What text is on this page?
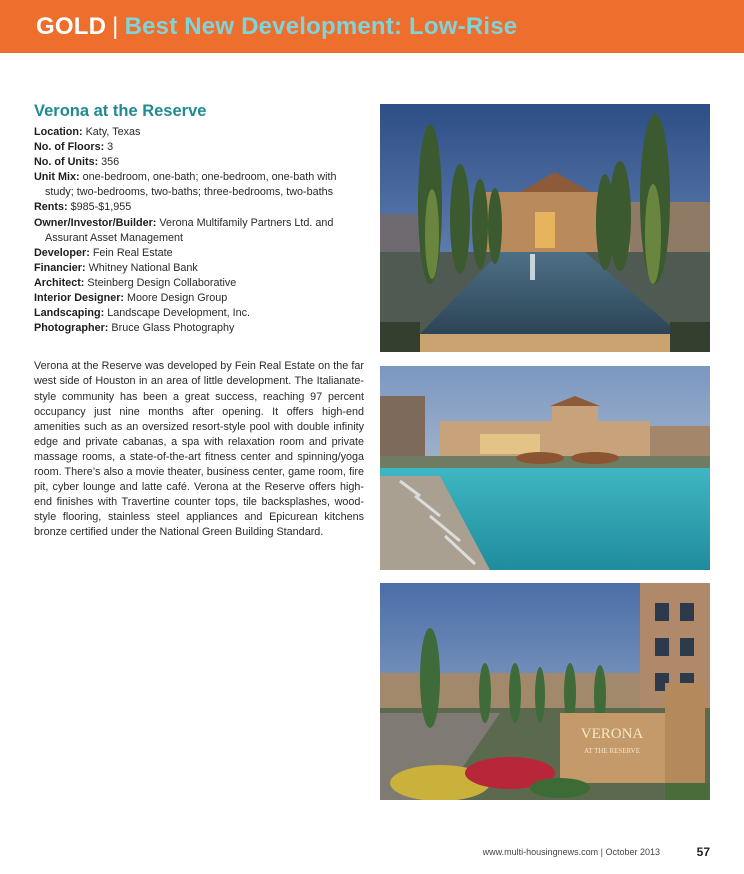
GOLD | Best New Development: Low-Rise
Verona at the Reserve
Location: Katy, Texas
No. of Floors: 3
No. of Units: 356
Unit Mix: one-bedroom, one-bath; one-bedroom, one-bath with study; two-bedrooms, two-baths; three-bedrooms, two-baths
Rents: $985-$1,955
Owner/Investor/Builder: Verona Multifamily Partners Ltd. and Assurant Asset Management
Developer: Fein Real Estate
Financier: Whitney National Bank
Architect: Steinberg Design Collaborative
Interior Designer: Moore Design Group
Landscaping: Landscape Development, Inc.
Photographer: Bruce Glass Photography
Verona at the Reserve was developed by Fein Real Estate on the far west side of Houston in an area of little development. The Italianate-style community has been a great success, reaching 97 percent occupancy just nine months after opening. It offers high-end amenities such as an oversized resort-style pool with double infinity edge and private cabanas, a spa with relaxation room and private massage rooms, a state-of-the-art fitness center and spinning/yoga room. There’s also a movie theater, business center, game room, fire pit, cyber lounge and latte café. Verona at the Reserve offers high-end finishes with Travertine counter tops, tile backsplashes, wood-style flooring, stainless steel appliances and Epicurean kitchens bronze certified under the National Green Building Standard.
VERONA
AT THE RESERVE
www.multi-housingnews.com | October 2013	57
